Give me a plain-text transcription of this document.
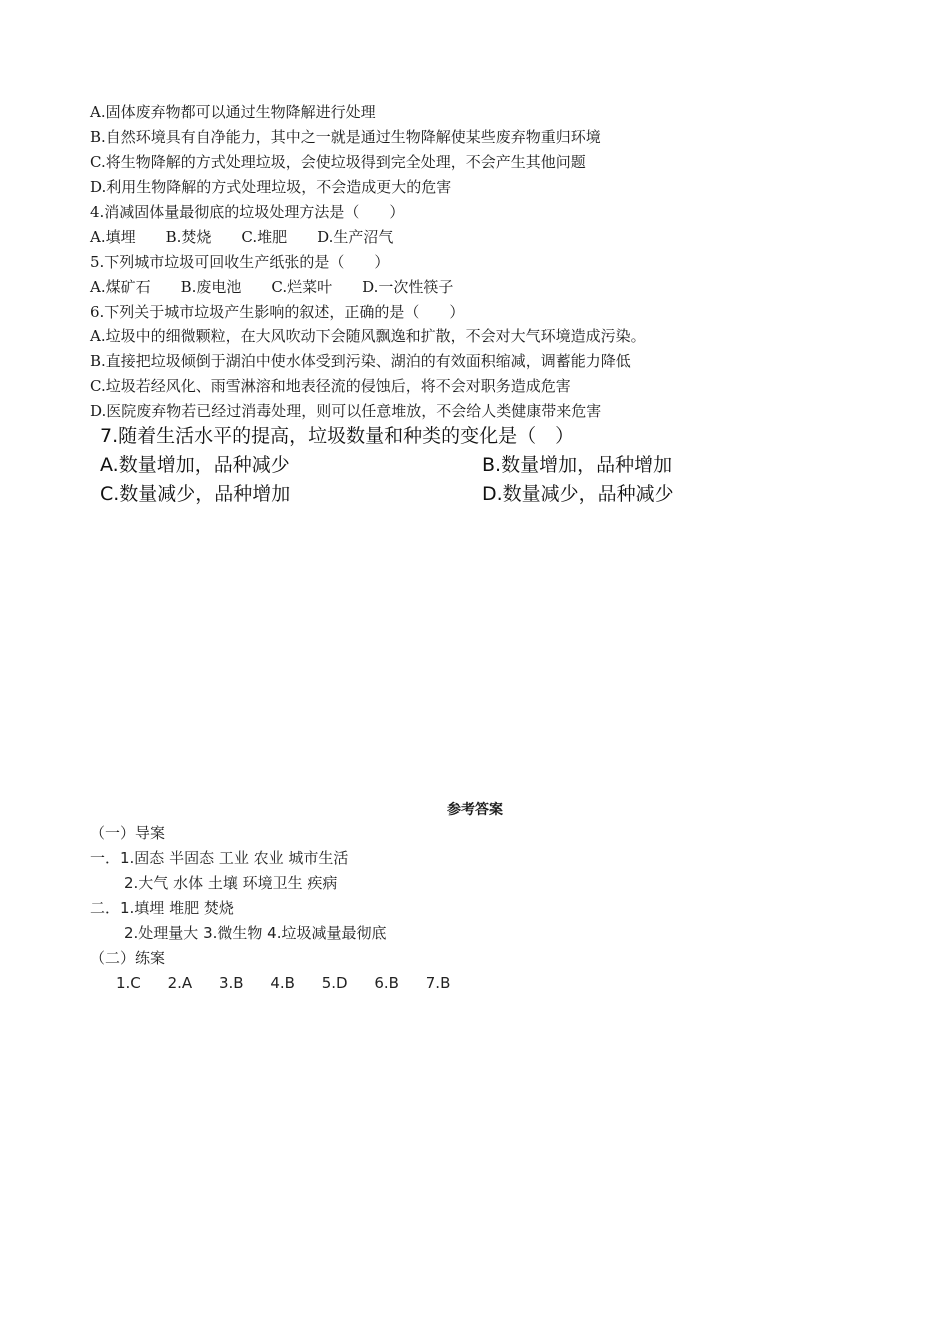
A.固体废弃物都可以通过生物降解进行处理
B.自然环境具有自净能力，其中之一就是通过生物降解使某些废弃物重归环境
C.将生物降解的方式处理垃圾，会使垃圾得到完全处理，不会产生其他问题
D.利用生物降解的方式处理垃圾，不会造成更大的危害
4.消减固体量最彻底的垃圾处理方法是（　　）
A.填埋　　B.焚烧　　C.堆肥　　D.生产沼气
5.下列城市垃圾可回收生产纸张的是（　　）
A.煤矿石　　B.废电池　　C.烂菜叶　　D.一次性筷子
6.下列关于城市垃圾产生影响的叙述，正确的是（　　）
A.垃圾中的细微颗粒，在大风吹动下会随风飘逸和扩散，不会对大气环境造成污染。
B.直接把垃圾倾倒于湖泊中使水体受到污染、湖泊的有效面积缩减，调蓄能力降低
C.垃圾若经风化、雨雪淋溶和地表径流的侵蚀后，将不会对职务造成危害
D.医院废弃物若已经过消毒处理，则可以任意堆放，不会给人类健康带来危害
7.随着生活水平的提高，垃圾数量和种类的变化是（　）
A.数量增加，品种减少	B.数量增加，品种增加
C.数量减少，品种增加	D.数量减少，品种减少
参考答案
（一）导案
一．1.固态 半固态 工业 农业 城市生活
2.大气 水体 土壤 环境卫生 疾病
二．1.填埋 堆肥 焚烧
2.处理量大 3.微生物 4.垃圾减量最彻底
（二）练案
1.C 2.A 3.B 4.B 5.D 6.B 7.B
